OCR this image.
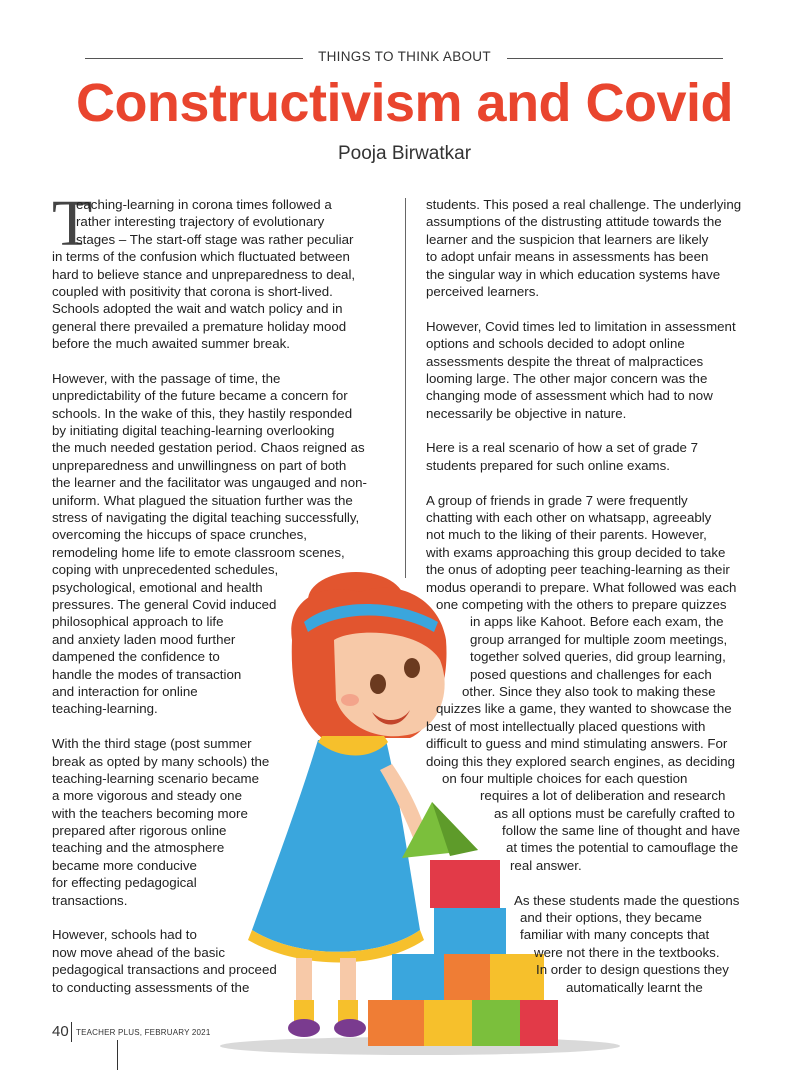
THINGS TO THINK ABOUT
Constructivism and Covid
Pooja Birwatkar
T
eaching-learning in corona times followed a
rather interesting trajectory of evolutionary
stages – The start-off stage was rather peculiar
in terms of the confusion which fluctuated between
hard to believe stance and unpreparedness to deal,
coupled with positivity that corona is short-lived.
Schools adopted the wait and watch policy and in
general there prevailed a premature holiday mood
before the much awaited summer break.
However, with the passage of time, the
unpredictability of the future became a concern for
schools. In the wake of this, they hastily responded
by initiating digital teaching-learning overlooking
the much needed gestation period. Chaos reigned as
unpreparedness and unwillingness on part of both
the learner and the facilitator was ungauged and non-
uniform. What plagued the situation further was the
stress of navigating the digital teaching successfully,
overcoming the hiccups of space crunches,
remodeling home life to emote classroom scenes,
coping with unprecedented schedules,
psychological, emotional and health
pressures. The general Covid induced
philosophical approach to life
and anxiety laden mood further
dampened the confidence to
handle the modes of transaction
and interaction for online
teaching-learning.
With the third stage (post summer
break as opted by many schools) the
teaching-learning scenario became
a more vigorous and steady one
with the teachers becoming more
prepared after rigorous online
teaching and the atmosphere
became more conducive
for effecting pedagogical
transactions.
However, schools had to
now move ahead of the basic
pedagogical transactions and proceed
to conducting assessments of the
students. This posed a real challenge. The underlying
assumptions of the distrusting attitude towards the
learner and the suspicion that learners are likely
to adopt unfair means in assessments has been
the singular way in which education systems have
perceived learners.
However, Covid times led to limitation in assessment
options and schools decided to adopt online
assessments despite the threat of malpractices
looming large. The other major concern was the
changing mode of assessment which had to now
necessarily be objective in nature.
Here is a real scenario of how a set of grade 7
students prepared for such online exams.
A group of friends in grade 7 were frequently
chatting with each other on whatsapp, agreeably
not much to the liking of their parents. However,
with exams approaching this group decided to take
the onus of adopting peer teaching-learning as their
modus operandi to prepare. What followed was each
one competing with the others to prepare quizzes
in apps like Kahoot. Before each exam, the
group arranged for multiple zoom meetings,
together solved queries, did group learning,
posed questions and challenges for each
other. Since they also took to making these
quizzes like a game, they wanted to showcase the
best of most intellectually placed questions with
difficult to guess and mind stimulating answers. For
doing this they explored search engines, as deciding
on four multiple choices for each question
requires a lot of deliberation and research
as all options must be carefully crafted to
follow the same line of thought and have
at times the potential to camouflage the
real answer.
As these students made the questions
and their options, they became
familiar with many concepts that
were not there in the textbooks.
In order to design questions they
automatically learnt the
40 TEACHER PLUS, FEBRUARY 2021
